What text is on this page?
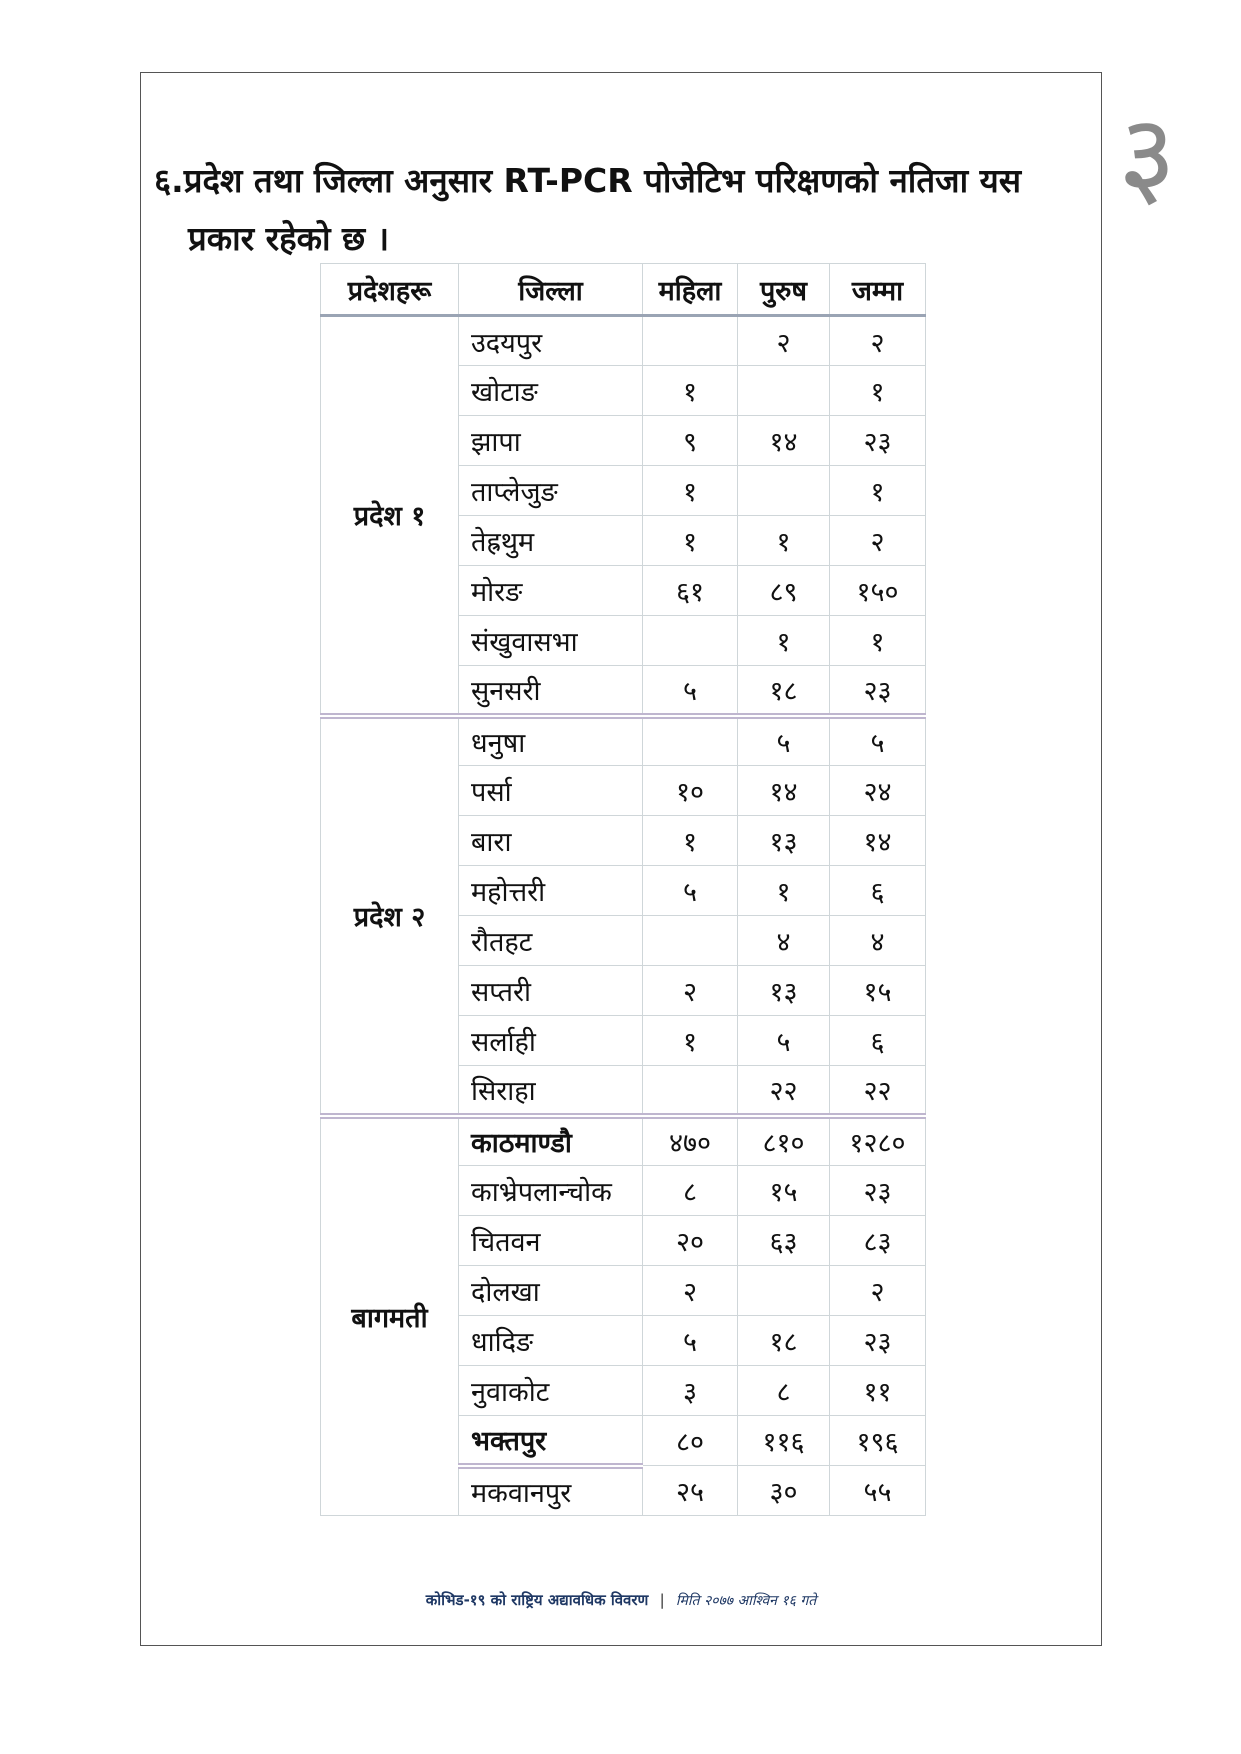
३
६.प्रदेश तथा जिल्ला अनुसार RT-PCR पोजेटिभ परिक्षणको नतिजा यस
प्रकार रहेको छ ।
प्रदेशहरू	जिल्ला	महिला	पुरुष	जम्मा
प्रदेश १	उदयपुर		२	२
	खोटाङ	१		१
	झापा	९	१४	२३
	ताप्लेजुङ	१		१
	तेह्रथुम	१	१	२
	मोरङ	६१	८९	१५०
	संखुवासभा		१	१
	सुनसरी	५	१८	२३
प्रदेश २	धनुषा		५	५
	पर्सा	१०	१४	२४
	बारा	१	१३	१४
	महोत्तरी	५	१	६
	रौतहट		४	४
	सप्तरी	२	१३	१५
	सर्लाही	१	५	६
	सिराहा		२२	२२
बागमती	काठमाण्डौ	४७०	८१०	१२८०
	काभ्रेपलान्चोक	८	१५	२३
	चितवन	२०	६३	८३
	दोलखा	२		२
	धादिङ	५	१८	२३
	नुवाकोट	३	८	११
	भक्तपुर	८०	११६	१९६
	मकवानपुर	२५	३०	५५
कोभिड-१९ को राष्ट्रिय अद्यावधिक विवरण | मिति २०७७ आश्विन १६ गते
